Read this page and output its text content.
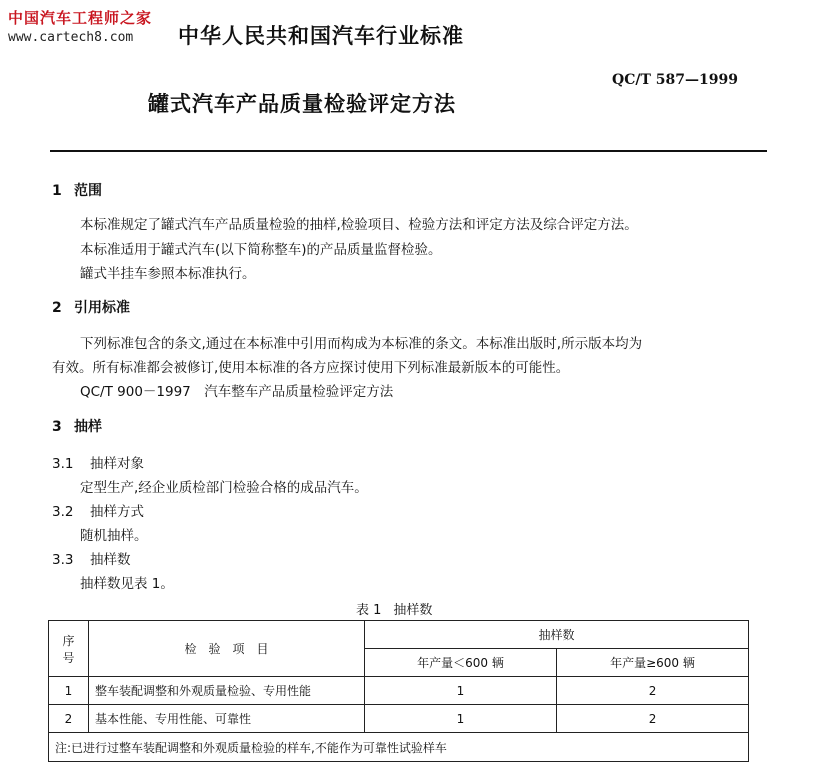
中国汽车工程师之家
www.cartech8.com 中华人民共和国汽车行业标准
QC/T 587—1999
罐式汽车产品质量检验评定方法
1 范围
本标准规定了罐式汽车产品质量检验的抽样,检验项目、检验方法和评定方法及综合评定方法。
本标准适用于罐式汽车(以下简称整车)的产品质量监督检验。
罐式半挂车参照本标准执行。
2 引用标准
下列标准包含的条文,通过在本标准中引用而构成为本标准的条文。本标准出版时,所示版本均为
有效。所有标准都会被修订,使用本标准的各方应探讨使用下列标准最新版本的可能性。
QC/T 900－1997　汽车整车产品质量检验评定方法
3 抽样
3.1 抽样对象
定型生产,经企业质检部门检验合格的成品汽车。
3.2 抽样方式
随机抽样。
3.3 抽样数
抽样数见表 1。
表 1 抽样数
序
号	检　验　项　目	抽样数	
		年产量＜600 辆	年产量≥600 辆
1	整车装配调整和外观质量检验、专用性能	1	2
2	基本性能、专用性能、可靠性	1	2
注:已进行过整车装配调整和外观质量检验的样车,不能作为可靠性试验样车			
